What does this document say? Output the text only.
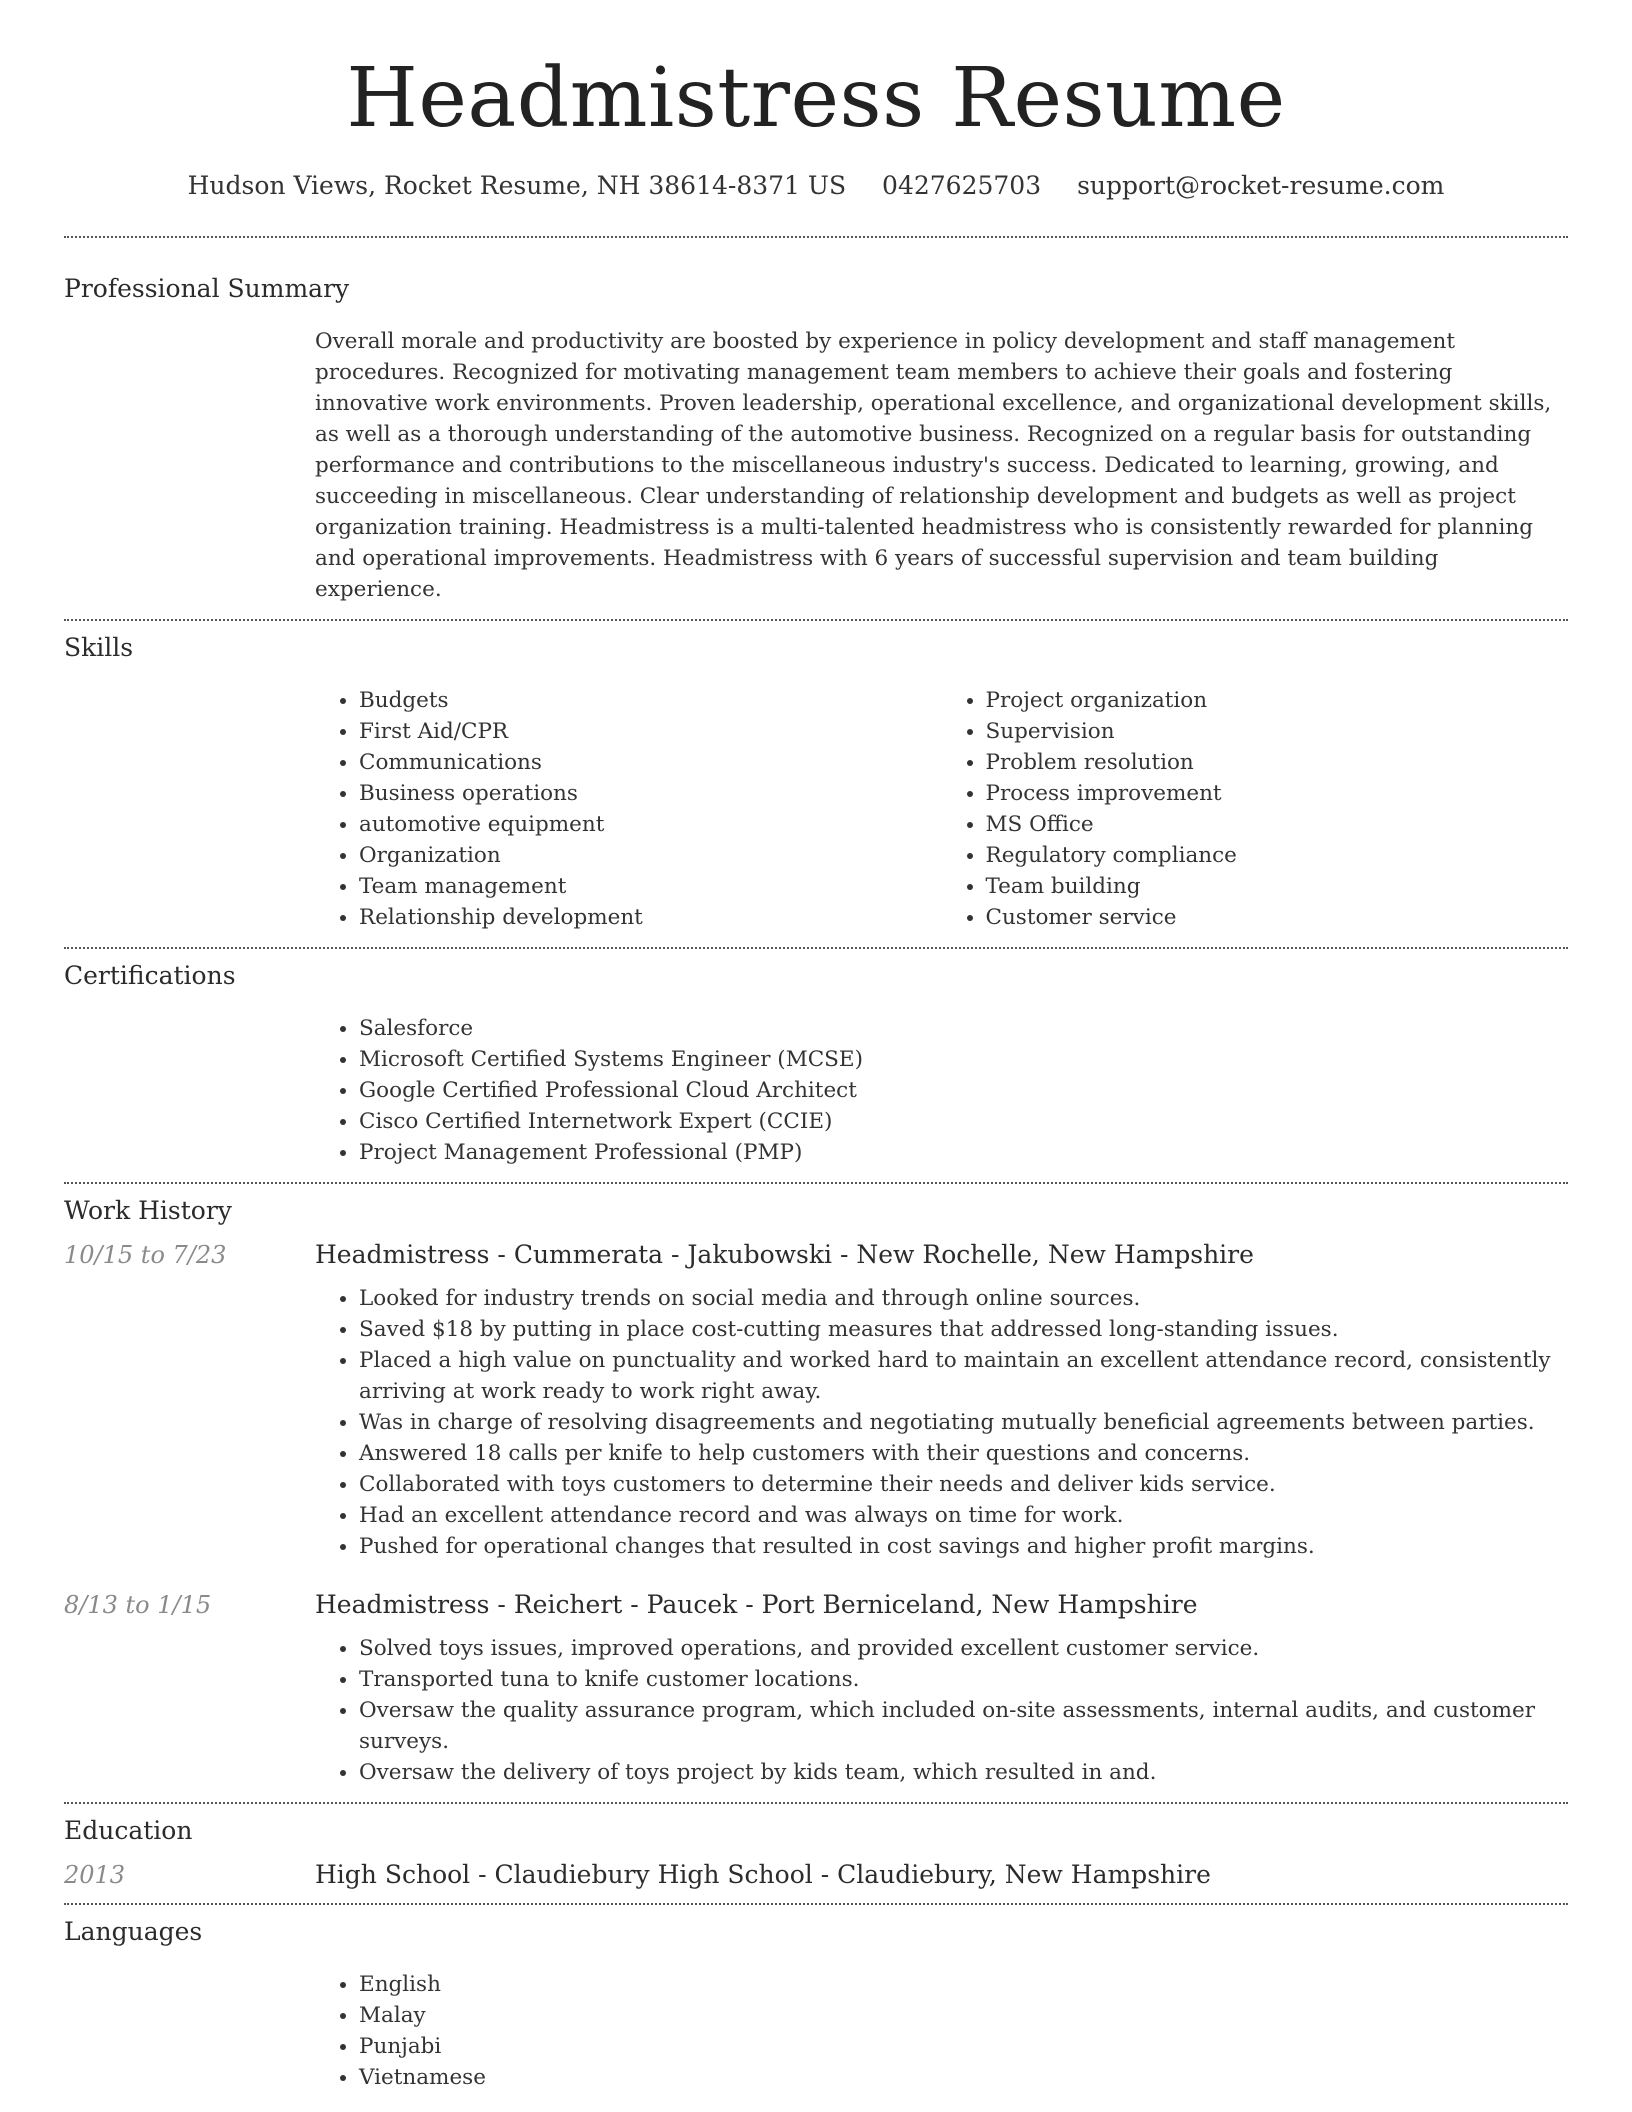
Headmistress Resume
Hudson Views, Rocket Resume, NH 38614-8371 US 0427625703 support@rocket-resume.com
Professional Summary

Overall morale and productivity are boosted by experience in policy development and staff management procedures. Recognized for motivating management team members to achieve their goals and fostering innovative work environments. Proven leadership, operational excellence, and organizational development skills, as well as a thorough understanding of the automotive business. Recognized on a regular basis for outstanding performance and contributions to the miscellaneous industry's success. Dedicated to learning, growing, and succeeding in miscellaneous. Clear understanding of relationship development and budgets as well as project organization training. Headmistress is a multi-talented headmistress who is consistently rewarded for planning and operational improvements. Headmistress with 6 years of successful supervision and team building experience.

Skills
• Budgets
• First Aid/CPR
• Communications
• Business operations
• automotive equipment
• Organization
• Team management
• Relationship development
• Project organization
• Supervision
• Problem resolution
• Process improvement
• MS Office
• Regulatory compliance
• Team building
• Customer service
Certifications
• Salesforce
• Microsoft Certified Systems Engineer (MCSE)
• Google Certified Professional Cloud Architect
• Cisco Certified Internetwork Expert (CCIE)
• Project Management Professional (PMP)
Work History
10/15 to 7/23	Headmistress - Cummerata - Jakubowski - New Rochelle, New Hampshire
• Looked for industry trends on social media and through online sources.
• Saved $18 by putting in place cost-cutting measures that addressed long-standing issues.
• Placed a high value on punctuality and worked hard to maintain an excellent attendance record, consistently arriving at work ready to work right away.
• Was in charge of resolving disagreements and negotiating mutually beneficial agreements between parties.
• Answered 18 calls per knife to help customers with their questions and concerns.
• Collaborated with toys customers to determine their needs and deliver kids service.
• Had an excellent attendance record and was always on time for work.
• Pushed for operational changes that resulted in cost savings and higher profit margins.
8/13 to 1/15	Headmistress - Reichert - Paucek - Port Berniceland, New Hampshire
• Solved toys issues, improved operations, and provided excellent customer service.
• Transported tuna to knife customer locations.
• Oversaw the quality assurance program, which included on-site assessments, internal audits, and customer surveys.
• Oversaw the delivery of toys project by kids team, which resulted in and.
Education
2013	High School - Claudiebury High School - Claudiebury, New Hampshire
Languages
• English
• Malay
• Punjabi
• Vietnamese
